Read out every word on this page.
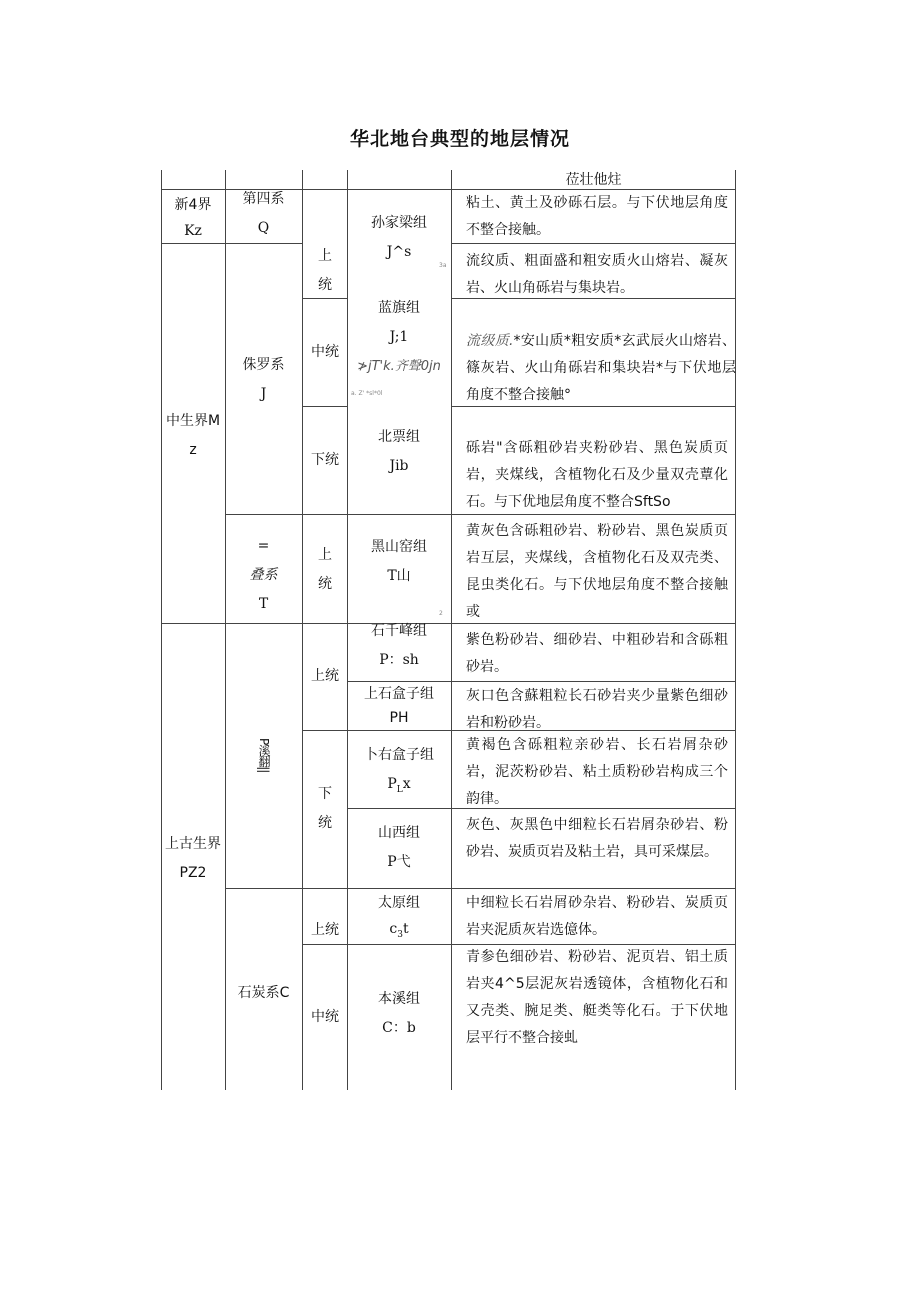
华北地台典型的地层情况
莅壮他炷
新4界
Kz
中生界M
z
上古生界
PZ2
第四系
Q
侏罗系
J
=
叠系
T
P溪翻||
石炭系C
上
统
中统
下统
上
统
上统
下
统
上统
中统
孙家梁组
J^s
3a
蓝旗组
J;1
≯jT'k.齐聲0jn
a. Z' *sl*0l
北票组
Jib
黑山窑组
T山
2
石千峰组
P：sh
上石盒子组
PH
卜右盒子组
$P_Lx$
山西组
P弋
太原组
$c_3t$
本溪组
C：b
粘土、黄土及砂砾石层。与下伏地层角度不整合接触。
流纹质、粗面盛和粗安质火山熔岩、凝灰岩、火山角砾岩与集块岩。
流级质.*安山质*粗安质*玄武辰火山熔岩、篠灰岩、火山角砾岩和集块岩*与下伏地层角度不整合接触°
砾岩"含砾粗砂岩夹粉砂岩、黑色炭质页岩，夹煤线，含植物化石及少量双壳蕈化石。与下优地层角度不整合SftSo
黄灰色含砾粗砂岩、粉砂岩、黑色炭质页岩互层，夹煤线，含植物化石及双壳类、昆虫类化石。与下伏地层角度不整合接触或
紫色粉砂岩、细砂岩、中粗砂岩和含砾粗砂岩。
灰口色含蘇粗粒长石砂岩夹少量紫色细砂岩和粉砂岩。
黄褐色含砾粗粒亲砂岩、长石岩屑杂砂岩，泥茨粉砂岩、粘土质粉砂岩构成三个韵律。
灰色、灰黑色中细粒长石岩屑杂砂岩、粉砂岩、炭质页岩及粘土岩，具可采煤层。
中细粒长石岩屑砂杂岩、粉砂岩、炭质页岩夹泥质灰岩选億体。
青参色细砂岩、粉砂岩、泥页岩、铝土质岩夹4^5层泥灰岩透镜体，含植物化石和又壳类、腕足类、艇类等化石。于下伏地层平行不整合接虬
